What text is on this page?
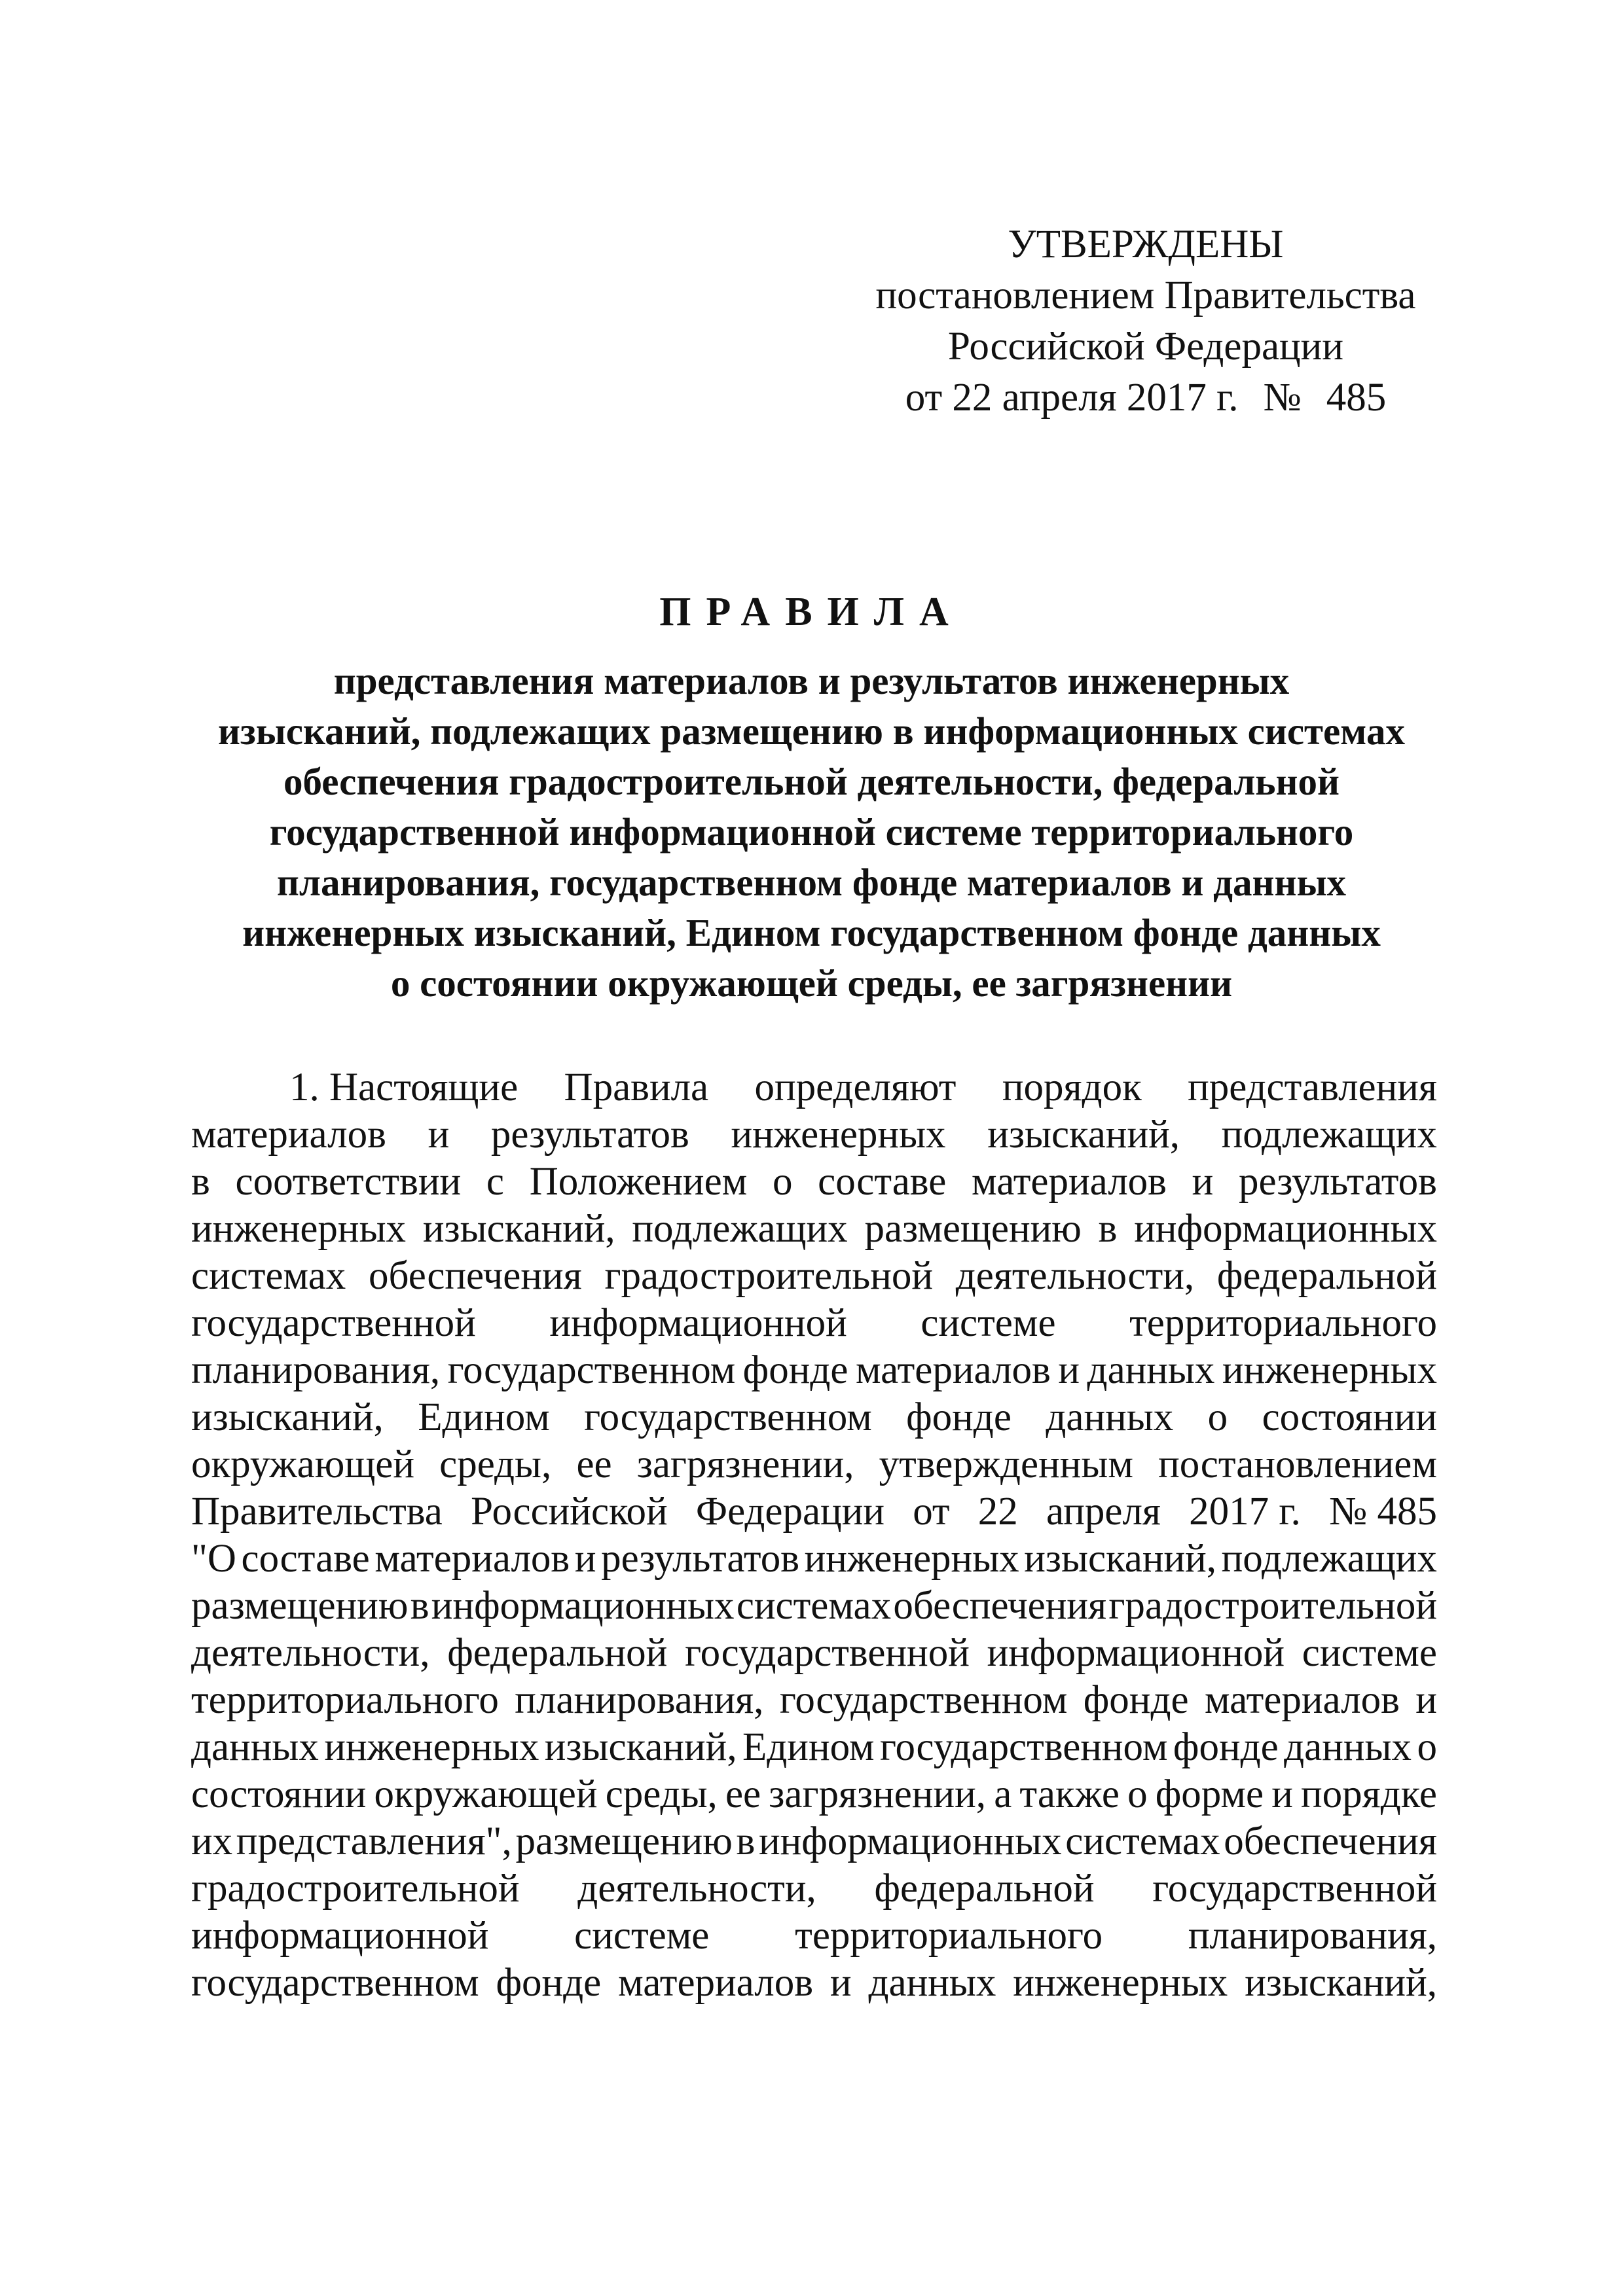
УТВЕРЖДЕНЫ
постановлением Правительства
Российской Федерации
от 22 апреля 2017 г. № 485
ПРАВИЛА
представления материалов и результатов инженерных
изысканий, подлежащих размещению в информационных системах
обеспечения градостроительной деятельности, федеральной
государственной информационной системе территориального
планирования, государственном фонде материалов и данных
инженерных изысканий, Едином государственном фонде данных
о состоянии окружающей среды, ее загрязнении
1. Настоящие Правила определяют порядок представления
материалов и результатов инженерных изысканий, подлежащих
в соответствии с Положением о составе материалов и результатов
инженерных изысканий, подлежащих размещению в информационных
системах обеспечения градостроительной деятельности, федеральной
государственной информационной системе территориального
планирования, государственном фонде материалов и данных инженерных
изысканий, Едином государственном фонде данных о состоянии
окружающей среды, ее загрязнении, утвержденным постановлением
Правительства Российской Федерации от 22 апреля 2017 г. № 485
"О составе материалов и результатов инженерных изысканий, подлежащих
размещению в информационных системах обеспечения градостроительной
деятельности, федеральной государственной информационной системе
территориального планирования, государственном фонде материалов и
данных инженерных изысканий, Едином государственном фонде данных о
состоянии окружающей среды, ее загрязнении, а также о форме и порядке
их представления", размещению в информационных системах обеспечения
градостроительной деятельности, федеральной государственной
информационной системе территориального планирования,
государственном фонде материалов и данных инженерных изысканий,
